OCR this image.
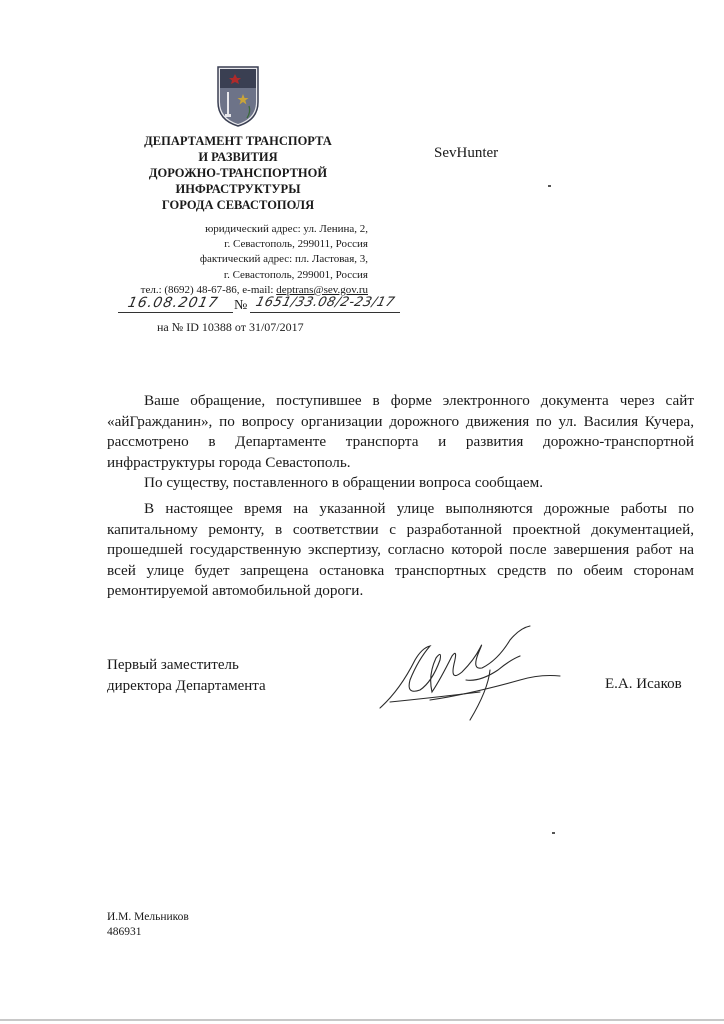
ДЕПАРТАМЕНТ ТРАНСПОРТА
И РАЗВИТИЯ
ДОРОЖНО-ТРАНСПОРТНОЙ
ИНФРАСТРУКТУРЫ
ГОРОДА СЕВАСТОПОЛЯ
юридический адрес: ул. Ленина, 2,
г. Севастополь, 299011, Россия
фактический адрес: пл. Ластовая, 3,
г. Севастополь, 299001, Россия
тел.: (8692) 48-67-86, e-mail: deptrans@sev.gov.ru
16.08.2017 № 1651/33.08/2-23/17
на № ID 10388 от 31/07/2017
SevHunter

Ваше обращение, поступившее в форме электронного документа через сайт «айГражданин», по вопросу организации дорожного движения по ул. Василия Кучера, рассмотрено в Департаменте транспорта и развития дорожно-транспортной инфраструктуры города Севастополь.

По существу, поставленного в обращении вопроса сообщаем.

В настоящее время на указанной улице выполняются дорожные работы по капитальному ремонту, в соответствии с разработанной проектной документацией, прошедшей государственную экспертизу, согласно которой после завершения работ на всей улице будет запрещена остановка транспортных средств по обеим сторонам ремонтируемой автомобильной дороги.

Первый заместитель
директора Департамента	Е.А. Исаков
И.М. Мельников
486931
